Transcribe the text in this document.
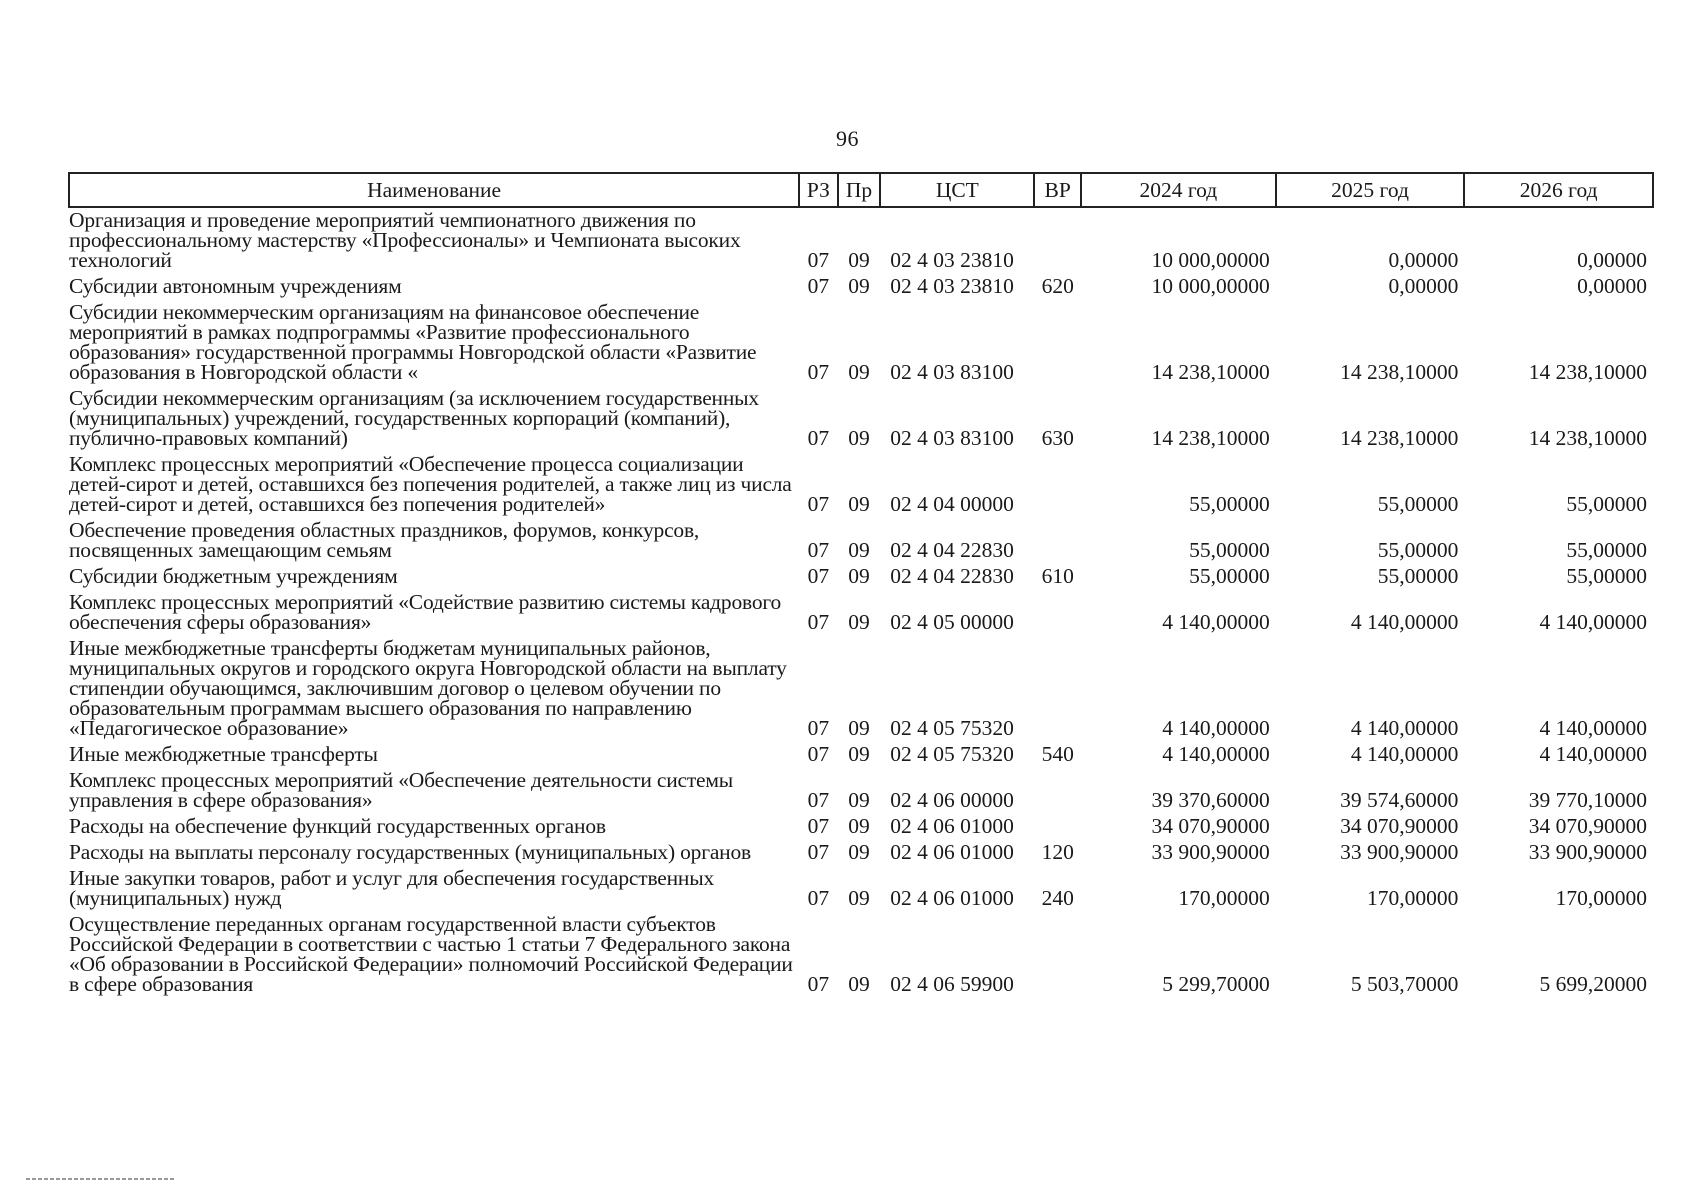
96
Наименование	РЗ	Пр	ЦСТ	ВР	2024 год	2025 год	2026 год
Организация и проведение мероприятий чемпионатного движения по профессиональному мастерству «Профессионалы» и Чемпионата высоких технологий	07	09	02 4 03 23810		10 000,00000	0,00000	0,00000
Субсидии автономным учреждениям	07	09	02 4 03 23810	620	10 000,00000	0,00000	0,00000
Субсидии некоммерческим организациям на финансовое обеспечение мероприятий в рамках подпрограммы «Развитие профессионального образования» государственной программы Новгородской области «Развитие образования в Новгородской области «	07	09	02 4 03 83100		14 238,10000	14 238,10000	14 238,10000
Субсидии некоммерческим организациям (за исключением государственных (муниципальных) учреждений, государственных корпораций (компаний), публично-правовых компаний)	07	09	02 4 03 83100	630	14 238,10000	14 238,10000	14 238,10000
Комплекс процессных мероприятий «Обеспечение процесса социализации детей-сирот и детей, оставшихся без попечения родителей, а также лиц из числа детей-сирот и детей, оставшихся без попечения родителей»	07	09	02 4 04 00000		55,00000	55,00000	55,00000
Обеспечение проведения областных праздников, форумов, конкурсов, посвященных замещающим семьям	07	09	02 4 04 22830		55,00000	55,00000	55,00000
Субсидии бюджетным учреждениям	07	09	02 4 04 22830	610	55,00000	55,00000	55,00000
Комплекс процессных мероприятий «Содействие развитию системы кадрового обеспечения сферы образования»	07	09	02 4 05 00000		4 140,00000	4 140,00000	4 140,00000
Иные межбюджетные трансферты бюджетам муниципальных районов, муниципальных округов и городского округа Новгородской области на выплату стипендии обучающимся, заключившим договор о целевом обучении по образовательным программам высшего образования по направлению «Педагогическое образование»	07	09	02 4 05 75320		4 140,00000	4 140,00000	4 140,00000
Иные межбюджетные трансферты	07	09	02 4 05 75320	540	4 140,00000	4 140,00000	4 140,00000
Комплекс процессных мероприятий «Обеспечение деятельности системы управления в сфере образования»	07	09	02 4 06 00000		39 370,60000	39 574,60000	39 770,10000
Расходы на обеспечение функций государственных органов	07	09	02 4 06 01000		34 070,90000	34 070,90000	34 070,90000
Расходы на выплаты персоналу государственных (муниципальных) органов	07	09	02 4 06 01000	120	33 900,90000	33 900,90000	33 900,90000
Иные закупки товаров, работ и услуг для обеспечения государственных (муниципальных) нужд	07	09	02 4 06 01000	240	170,00000	170,00000	170,00000
Осуществление переданных органам государственной власти субъектов Российской Федерации в соответствии с частью 1 статьи 7 Федерального закона «Об образовании в Российской Федерации» полномочий Российской Федерации в сфере образования	07	09	02 4 06 59900		5 299,70000	5 503,70000	5 699,20000
